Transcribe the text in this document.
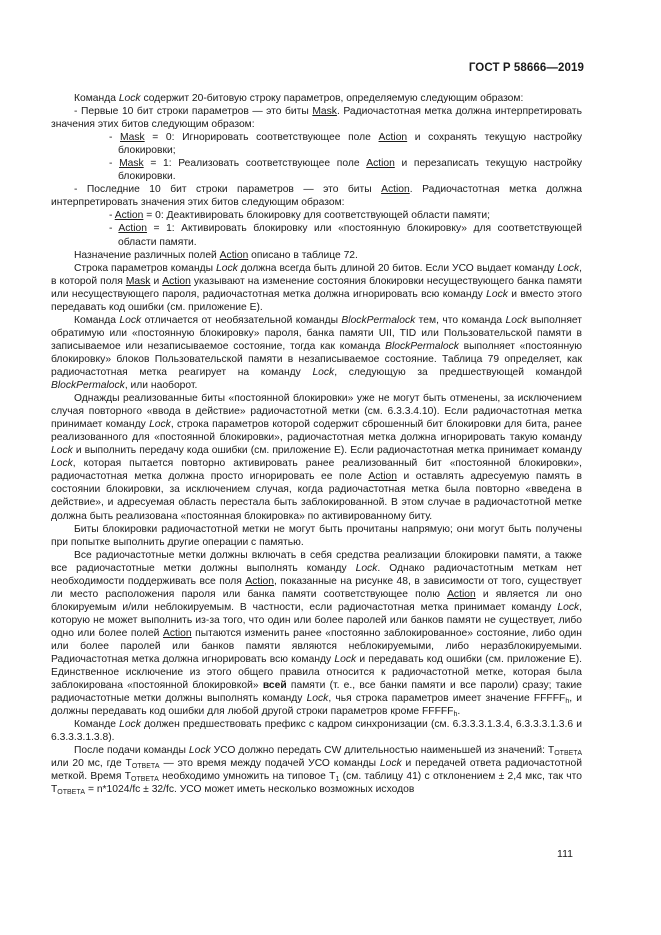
ГОСТ Р 58666—2019

Команда Lock содержит 20-битовую строку параметров, определяемую следующим образом:

- Первые 10 бит строки параметров — это биты Mask. Радиочастотная метка должна интерпретировать значения этих битов следующим образом:

- Mask = 0: Игнорировать соответствующее поле Action и сохранять текущую настройку блокировки;

- Mask = 1: Реализовать соответствующее поле Action и перезаписать текущую настройку блокировки.

- Последние 10 бит строки параметров — это биты Action. Радиочастотная метка должна интерпретировать значения этих битов следующим образом:

- Action = 0: Деактивировать блокировку для соответствующей области памяти;

- Action = 1: Активировать блокировку или «постоянную блокировку» для соответствующей области памяти.

Назначение различных полей Action описано в таблице 72.

Строка параметров команды Lock должна всегда быть длиной 20 битов. Если УСО выдает команду Lock, в которой поля Mask и Action указывают на изменение состояния блокировки несуществующего банка памяти или несуществующего пароля, радиочастотная метка должна игнорировать всю команду Lock и вместо этого передавать код ошибки (см. приложение Е).

Команда Lock отличается от необязательной команды BlockPermalock тем, что команда Lock выполняет обратимую или «постоянную блокировку» пароля, банка памяти UII, TID или Пользовательской памяти в записываемое или незаписываемое состояние, тогда как команда BlockPermalock выполняет «постоянную блокировку» блоков Пользовательской памяти в незаписываемое состояние. Таблица 79 определяет, как радиочастотная метка реагирует на команду Lock, следующую за предшествующей командой BlockPermalock, или наоборот.

Однажды реализованные биты «постоянной блокировки» уже не могут быть отменены, за исключением случая повторного «ввода в действие» радиочастотной метки (см. 6.3.3.4.10). Если радиочастотная метка принимает команду Lock, строка параметров которой содержит сброшенный бит блокировки для бита, ранее реализованного для «постоянной блокировки», радиочастотная метка должна игнорировать такую команду Lock и выполнить передачу кода ошибки (см. приложение Е). Если радиочастотная метка принимает команду Lock, которая пытается повторно активировать ранее реализованный бит «постоянной блокировки», радиочастотная метка должна просто игнорировать ее поле Action и оставлять адресуемую память в состоянии блокировки, за исключением случая, когда радиочастотная метка была повторно «введена в действие», и адресуемая область перестала быть заблокированной. В этом случае в радиочастотной метке должна быть реализована «постоянная блокировка» по активированному биту.

Биты блокировки радиочастотной метки не могут быть прочитаны напрямую; они могут быть получены при попытке выполнить другие операции с памятью.

Все радиочастотные метки должны включать в себя средства реализации блокировки памяти, а также все радиочастотные метки должны выполнять команду Lock. Однако радиочастотным меткам нет необходимости поддерживать все поля Action, показанные на рисунке 48, в зависимости от того, существует ли место расположения пароля или банка памяти соответствующее полю Action и является ли оно блокируемым и/или неблокируемым. В частности, если радиочастотная метка принимает команду Lock, которую не может выполнить из-за того, что один или более паролей или банков памяти не существует, либо одно или более полей Action пытаются изменить ранее «постоянно заблокированное» состояние, либо один или более паролей или банков памяти являются неблокируемыми, либо неразблокируемыми. Радиочастотная метка должна игнорировать всю команду Lock и передавать код ошибки (см. приложение Е). Единственное исключение из этого общего правила относится к радиочастотной метке, которая была заблокирована «постоянной блокировкой» всей памяти (т. е., все банки памяти и все пароли) сразу; такие радиочастотные метки должны выполнять команду Lock, чья строка параметров имеет значение $FFFFF_h$, и должны передавать код ошибки для любой другой строки параметров кроме $FFFFF_h$.

Команде Lock должен предшествовать префикс с кадром синхронизации (см. 6.3.3.3.1.3.4, 6.3.3.3.1.3.6 и 6.3.3.3.1.3.8).

После подачи команды Lock УСО должно передать CW длительностью наименьшей из значений: $T_{ОТВЕТА}$ или 20 мс, где $T_{ОТВЕТА}$ — это время между подачей УСО команды Lock и передачей ответа радиочастотной меткой. Время $T_{ОТВЕТА}$ необходимо умножить на типовое $T_1$ (см. таблицу 41) с отклонением ± 2,4 мкс, так что $T_{ОТВЕТА} = n*1024/fc \pm 32/fc$. УСО может иметь несколько возможных исходов

111
